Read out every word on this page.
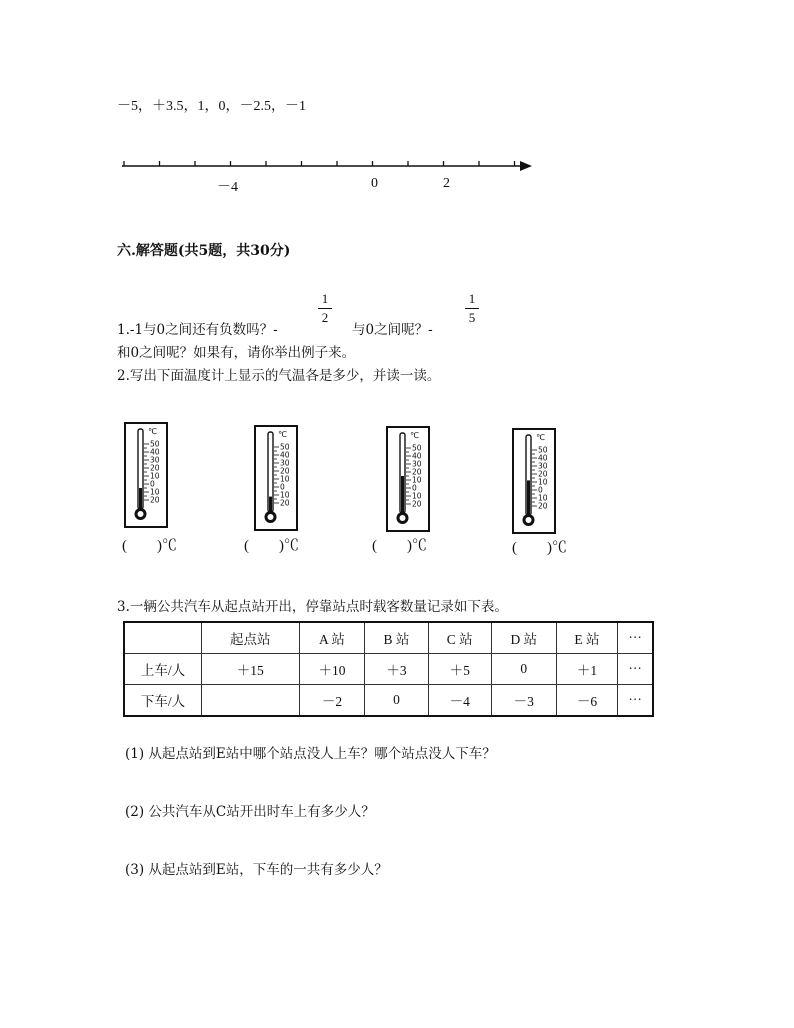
－5，＋3.5，1，0，－2.5，－1
－4	0	2
六.解答题(共5题，共30分)
1.-1与0之间还有负数吗？-
1
2
与0之间呢？-
1
5
和0之间呢？如果有，请你举出例子来。
2.写出下面温度计上显示的气温各是多少，并读一读。
℃
50
40
30
20
10
0
10
20
℃
50
40
30
20
10
0
10
20
℃
50
40
30
20
10
0
10
20
℃
50
40
30
20
10
0
10
20
(　　)℃	(　　)℃	(　　)℃	(　　)℃
3.一辆公共汽车从起点站开出，停靠站点时载客数量记录如下表。
	起点站	A 站	B 站	C 站	D 站	E 站	···
上车/人	＋15	＋10	＋3	＋5	0	＋1	···
下车/人		－2	0	－4	－3	－6	···
(1) 从起点站到E站中哪个站点没人上车？哪个站点没人下车？
(2) 公共汽车从C站开出时车上有多少人？
(3) 从起点站到E站，下车的一共有多少人？
